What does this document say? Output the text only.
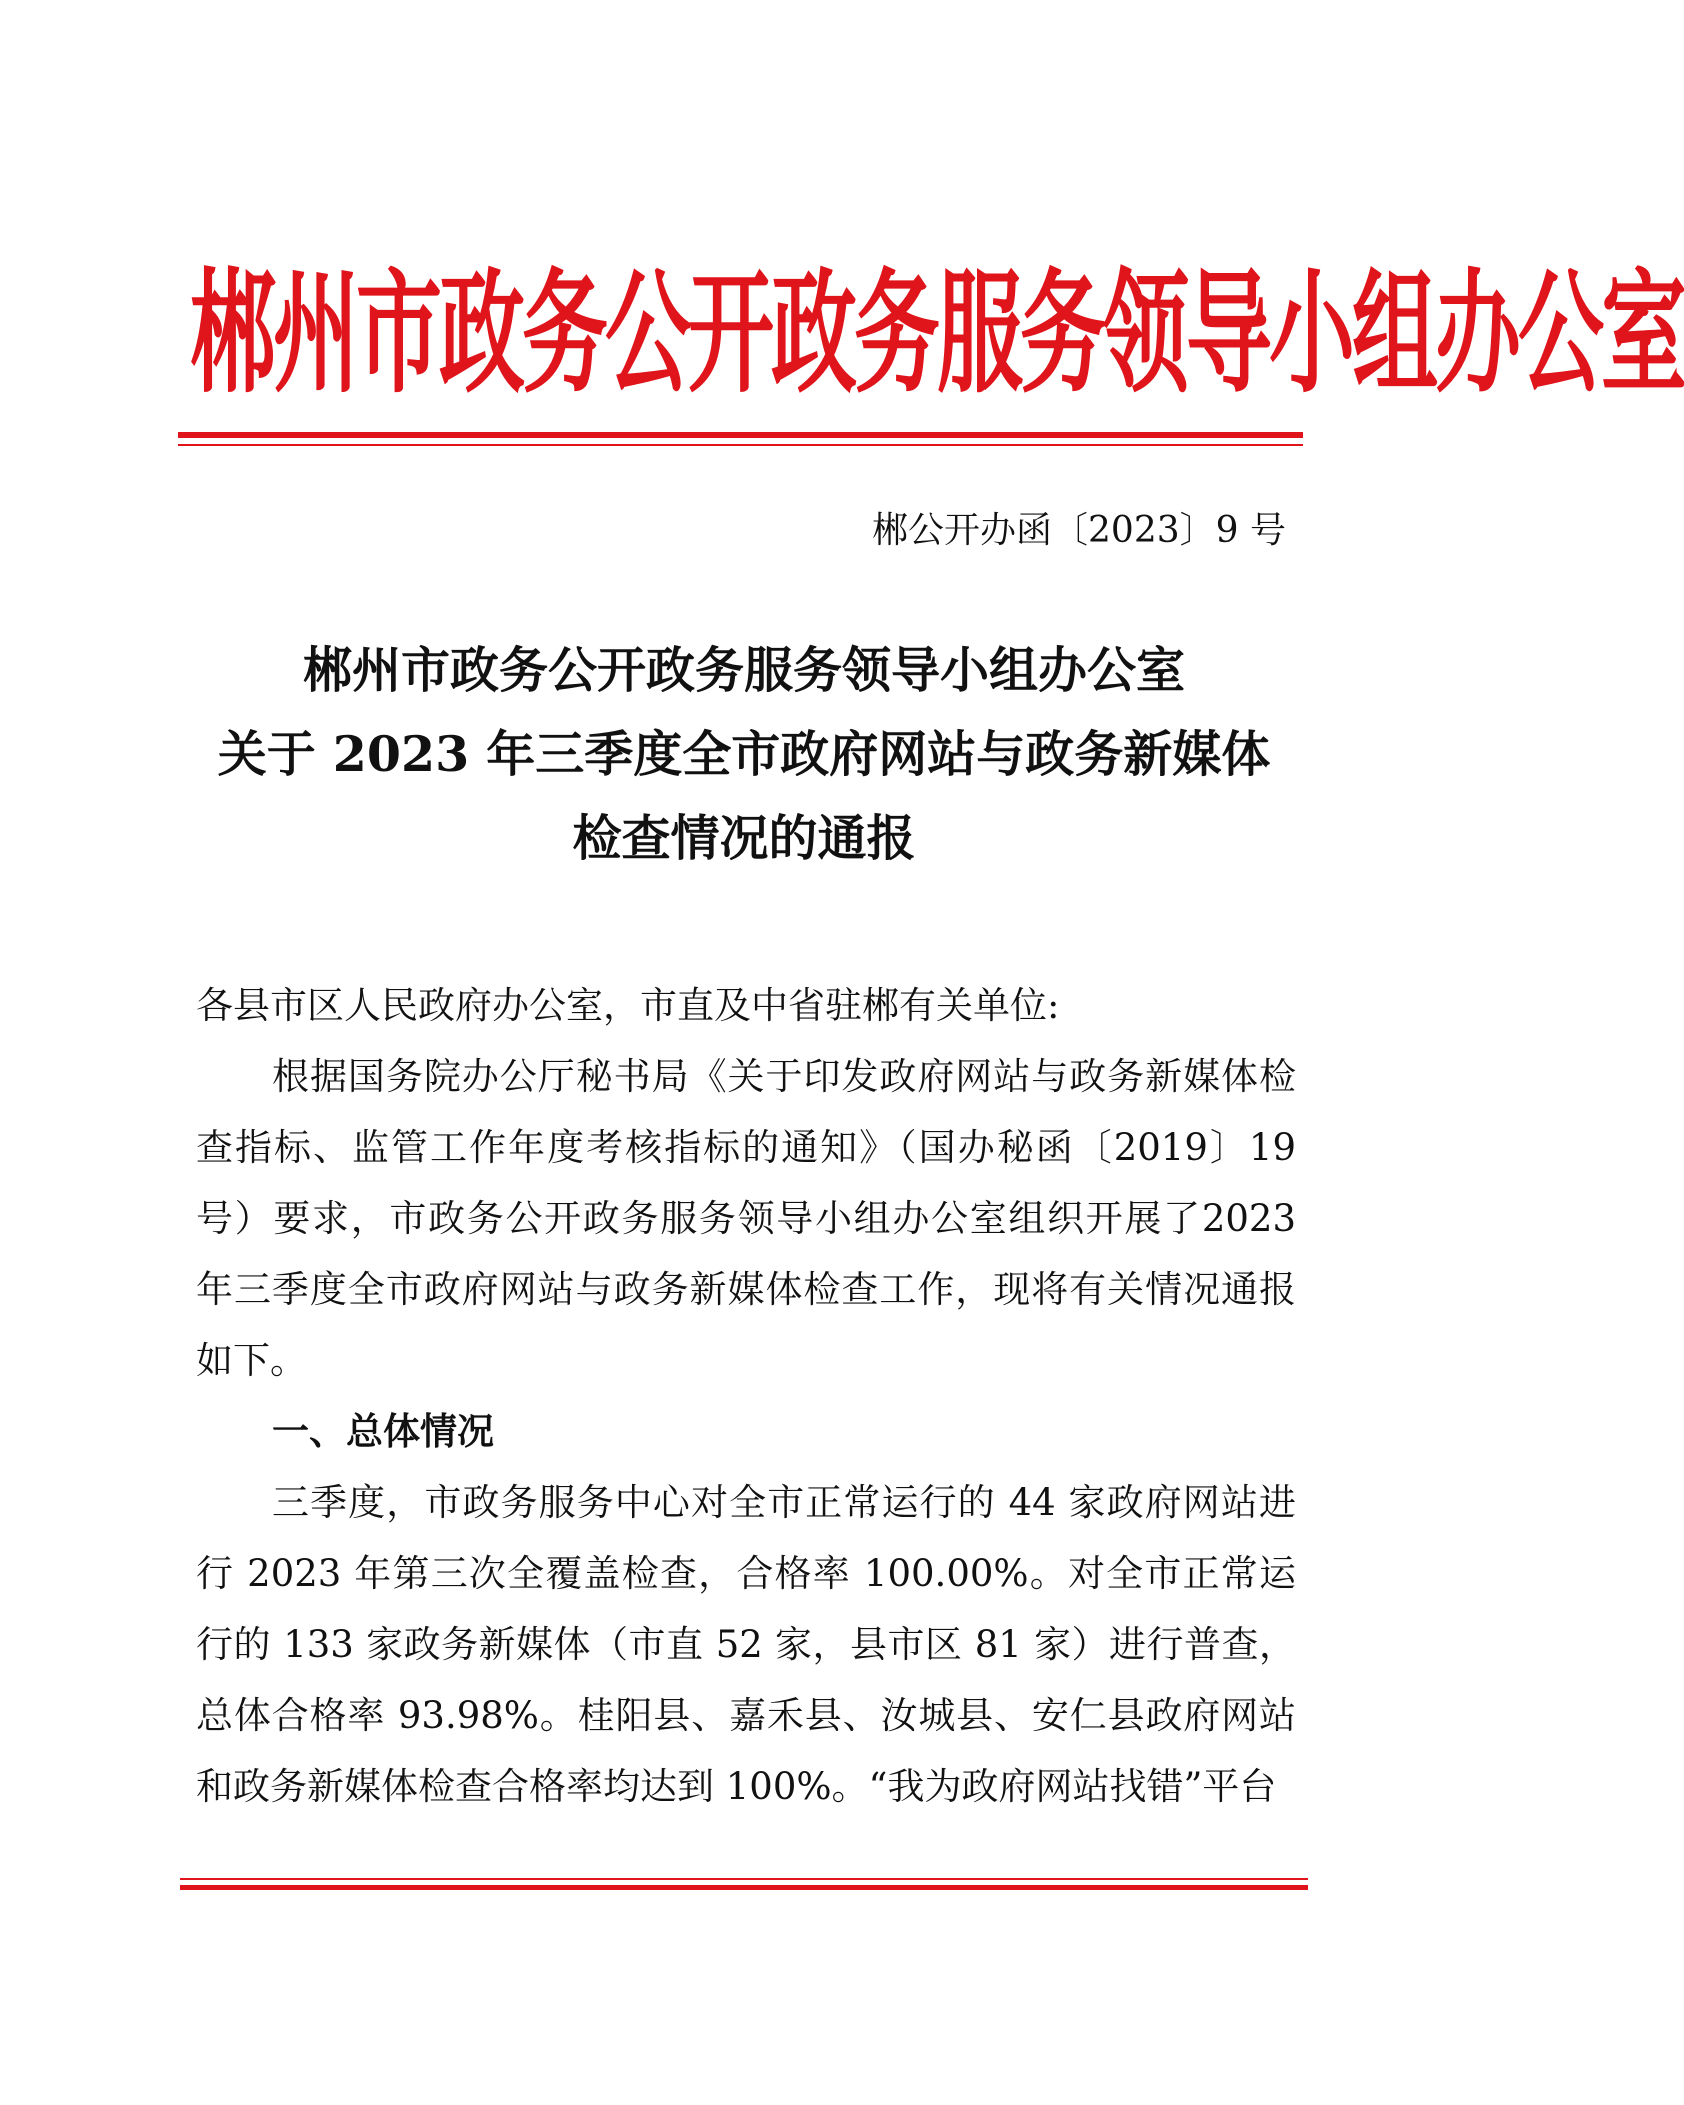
郴州市政务公开政务服务领导小组办公室
郴公开办函〔2023〕9 号
郴州市政务公开政务服务领导小组办公室
关于 2023 年三季度全市政府网站与政务新媒体
检查情况的通报

各县市区人民政府办公室，市直及中省驻郴有关单位:

根据国务院办公厅秘书局《关于印发政府网站与政务新媒体检查指标、监管工作年度考核指标的通知》（国办秘函〔2019〕19 号）要求，市政务公开政务服务领导小组办公室组织开展了2023 年三季度全市政府网站与政务新媒体检查工作，现将有关情况通报如下。

一、总体情况

三季度，市政务服务中心对全市正常运行的 44 家政府网站进行 2023 年第三次全覆盖检查，合格率 100.00%。对全市正常运行的 133 家政务新媒体（市直 52 家，县市区 81 家）进行普查，总体合格率 93.98%。桂阳县、嘉禾县、汝城县、安仁县政府网站和政务新媒体检查合格率均达到 100%。“我为政府网站找错”平台
